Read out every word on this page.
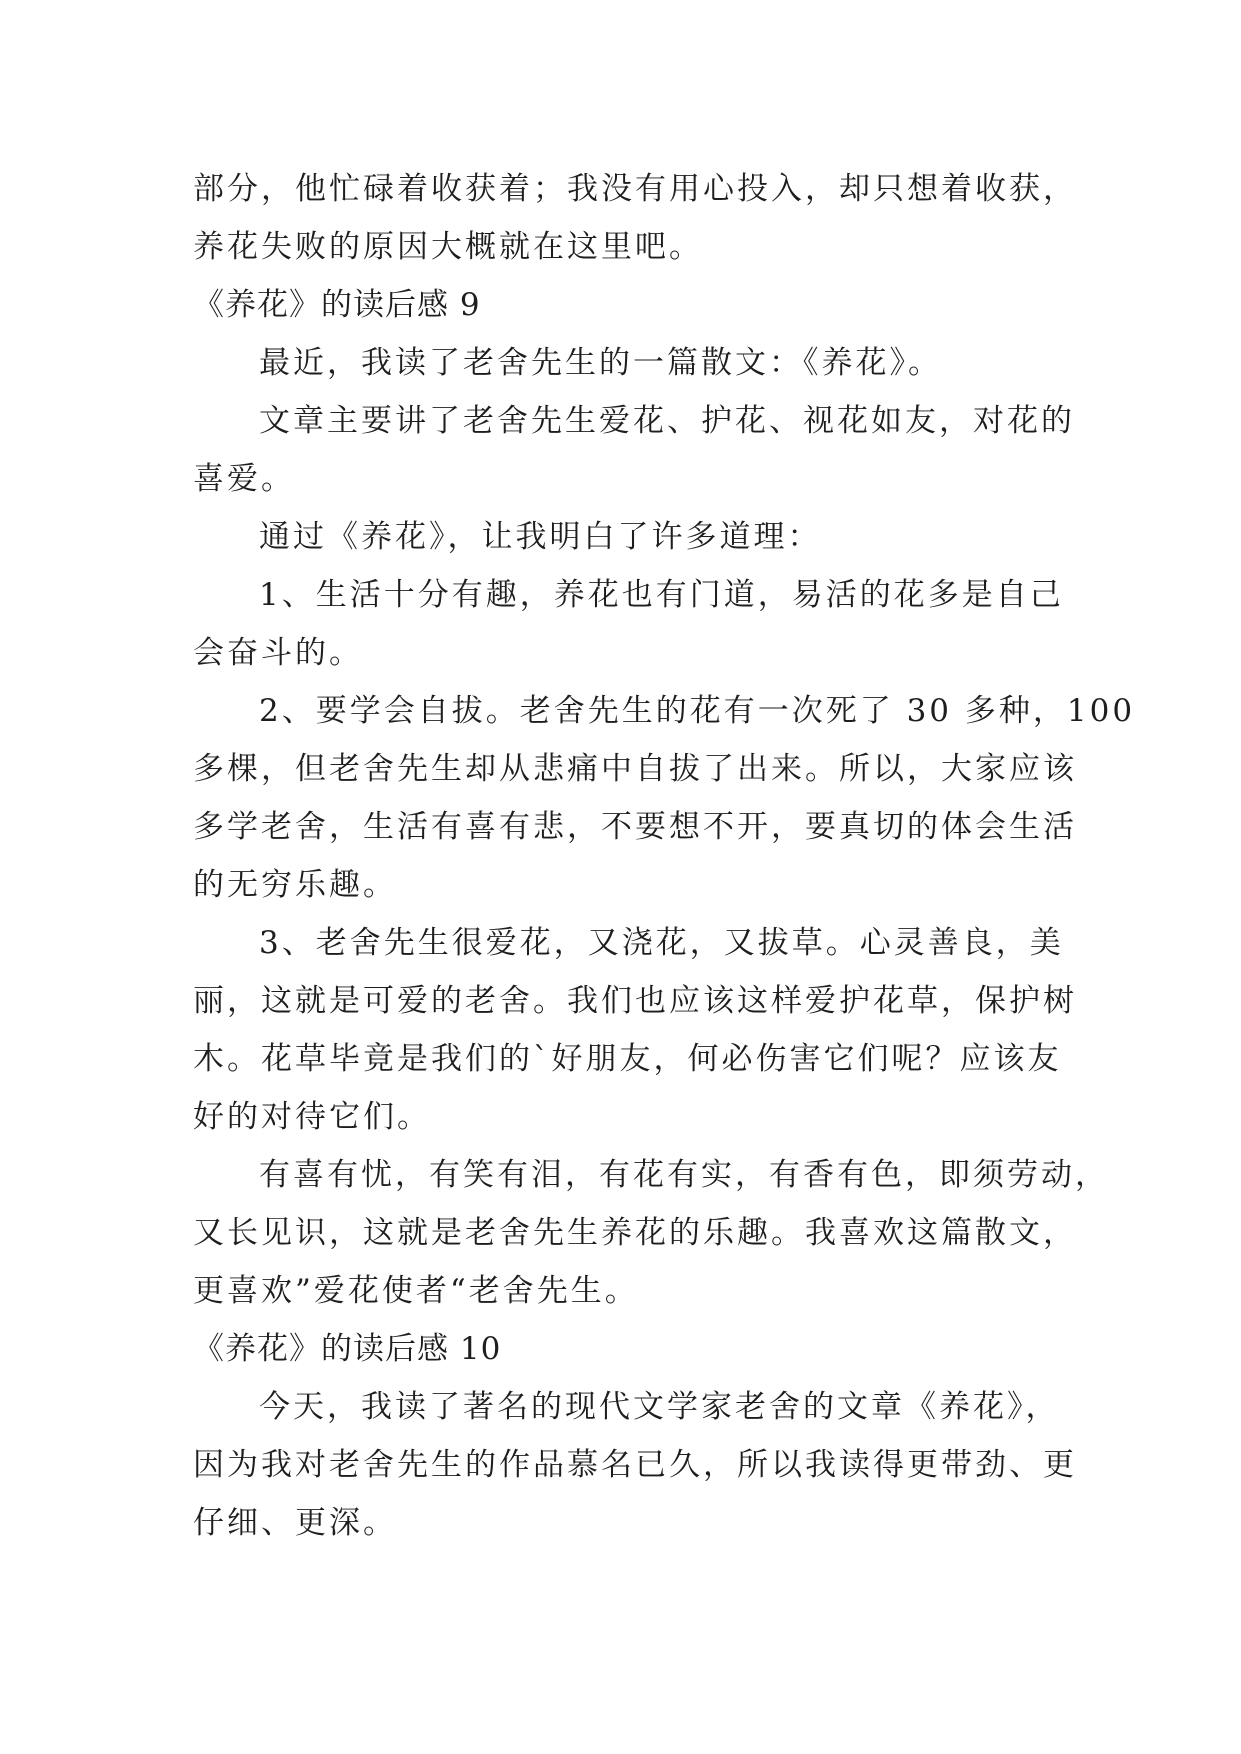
部分，他忙碌着收获着；我没有用心投入，却只想着收获，
养花失败的原因大概就在这里吧。
《养花》的读后感 9
最近，我读了老舍先生的一篇散文：《养花》。
文章主要讲了老舍先生爱花、护花、视花如友，对花的
喜爱。
通过《养花》，让我明白了许多道理：
1、生活十分有趣，养花也有门道，易活的花多是自己
会奋斗的。
2、要学会自拔。老舍先生的花有一次死了 30 多种，100
多棵，但老舍先生却从悲痛中自拔了出来。所以，大家应该
多学老舍，生活有喜有悲，不要想不开，要真切的体会生活
的无穷乐趣。
3、老舍先生很爱花，又浇花，又拔草。心灵善良，美
丽，这就是可爱的老舍。我们也应该这样爱护花草，保护树
木。花草毕竟是我们的`好朋友，何必伤害它们呢？应该友
好的对待它们。
有喜有忧，有笑有泪，有花有实，有香有色，即须劳动，
又长见识，这就是老舍先生养花的乐趣。我喜欢这篇散文，
更喜欢”爱花使者“老舍先生。
《养花》的读后感 10
今天，我读了著名的现代文学家老舍的文章《养花》，
因为我对老舍先生的作品慕名已久，所以我读得更带劲、更
仔细、更深。
